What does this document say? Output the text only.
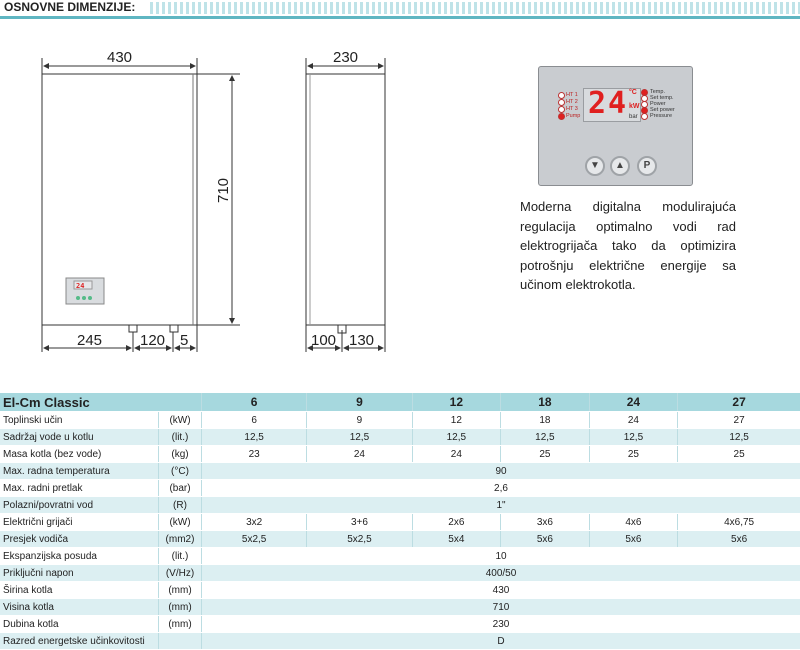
OSNOVNE DIMENZIJE:
24
430
710
245	120 5
230
100 130
24 °C
kW
bar
HT 1
HT 2
HT 3
Pump
Temp.
Set temp.
Power
Set power
Pressure
▼	▲	P
Moderna digitalna modulirajuća regulacija optimalno vodi rad elektrogrijača tako da optimizira potrošnju električne energije sa učinom elektrokotla.
El-Cm Classic		6	9	12	18	24	27
Toplinski učin	(kW)	6	9	12	18	24	27
Sadržaj vode u kotlu	(lit.)	12,5	12,5	12,5	12,5	12,5	12,5
Masa kotla (bez vode)	(kg)	23	24	24	25	25	25
Max. radna temperatura	(°C)	90					
Max. radni pretlak	(bar)	2,6					
Polazni/povratni vod	(R)	1"					
Električni grijači	(kW)	3x2	3+6	2x6	3x6	4x6	4x6,75
Presjek vodiča	(mm2)	5x2,5	5x2,5	5x4	5x6	5x6	5x6
Ekspanzijska posuda	(lit.)	10					
Priključni napon	(V/Hz)	400/50					
Širina kotla	(mm)	430					
Visina kotla	(mm)	710					
Dubina kotla	(mm)	230					
Razred energetske učinkovitosti		D					
